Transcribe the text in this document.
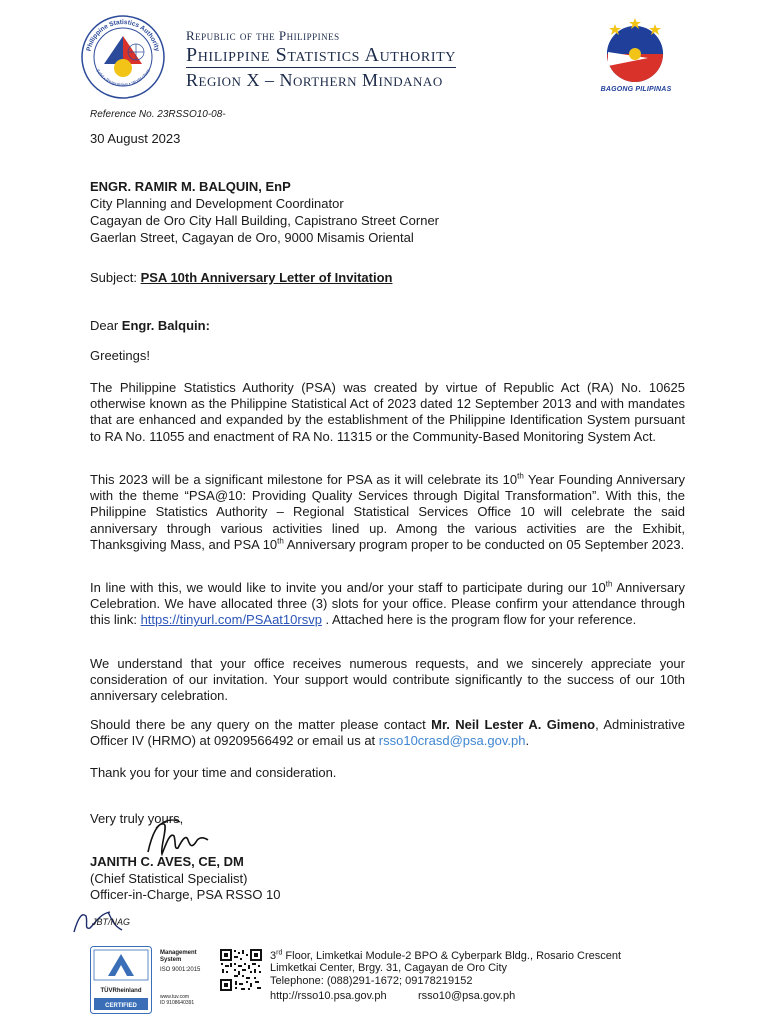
Philippine Statistics Authority
Solid • Responsive • World-class
Republic of the Philippines
Philippine Statistics Authority
Region X – Northern Mindanao	BAGONG PILIPINAS
Reference No. 23RSSO10-08-
30 August 2023
ENGR. RAMIR M. BALQUIN, EnP
City Planning and Development Coordinator
Cagayan de Oro City Hall Building, Capistrano Street Corner
Gaerlan Street, Cagayan de Oro, 9000 Misamis Oriental
Subject: PSA 10th Anniversary Letter of Invitation
Dear Engr. Balquin:
Greetings!
The Philippine Statistics Authority (PSA) was created by virtue of Republic Act (RA) No. 10625 otherwise known as the Philippine Statistical Act of 2023 dated 12 September 2013 and with mandates that are enhanced and expanded by the establishment of the Philippine Identification System pursuant to RA No. 11055 and enactment of RA No. 11315 or the Community-Based Monitoring System Act.
This 2023 will be a significant milestone for PSA as it will celebrate its 10th Year Founding Anniversary with the theme “PSA@10: Providing Quality Services through Digital Transformation”. With this, the Philippine Statistics Authority – Regional Statistical Services Office 10 will celebrate the said anniversary through various activities lined up. Among the various activities are the Exhibit, Thanksgiving Mass, and PSA 10th Anniversary program proper to be conducted on 05 September 2023.
In line with this, we would like to invite you and/or your staff to participate during our 10th Anniversary Celebration. We have allocated three (3) slots for your office. Please confirm your attendance through this link: https://tinyurl.com/PSAat10rsvp . Attached here is the program flow for your reference.
We understand that your office receives numerous requests, and we sincerely appreciate your consideration of our invitation. Your support would contribute significantly to the success of our 10th anniversary celebration.
Should there be any query on the matter please contact Mr. Neil Lester A. Gimeno, Administrative Officer IV (HRMO) at 09209566492 or email us at rsso10crasd@psa.gov.ph.
Thank you for your time and consideration.
Very truly yours,
JANITH C. AVES, CE, DM
(Chief Statistical Specialist)
Officer-in-Charge, PSA RSSO 10
JBT/NAG
TÜVRheinland
CERTIFIED
Management
System
ISO 9001:2015
www.tuv.com
ID 9108640391
3rd Floor, Limketkai Module-2 BPO & Cyberpark Bldg., Rosario Crescent
Limketkai Center, Brgy. 31, Cagayan de Oro City
Telephone: (088)291-1672; 09178219152
http://rsso10.psa.gov.ph	rsso10@psa.gov.ph
